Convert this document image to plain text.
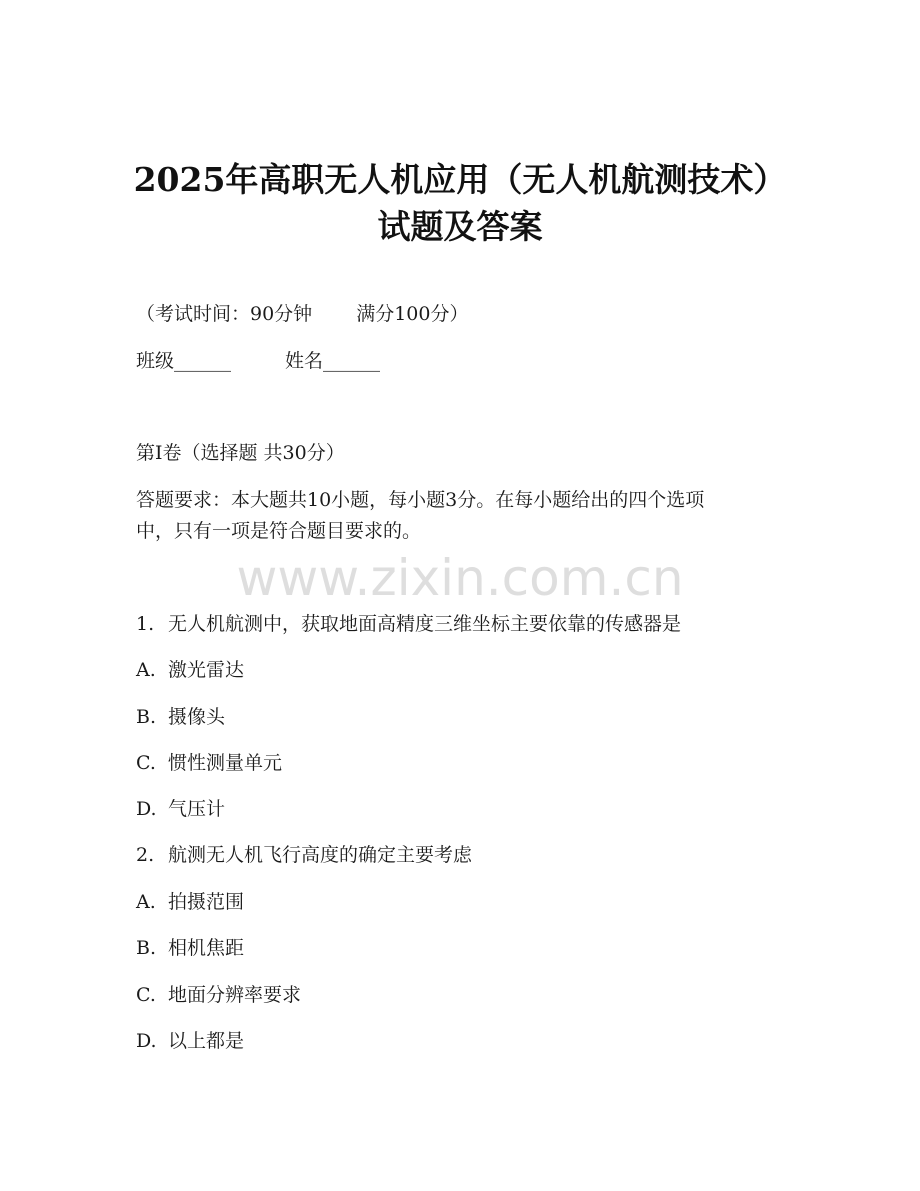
2025年高职无人机应用（无人机航测技术）
试题及答案
（考试时间：90分钟 满分100分）
班级______	姓名______
第Ⅰ卷（选择题 共30分）
答题要求：本大题共10小题，每小题3分。在每小题给出的四个选项
中，只有一项是符合题目要求的。
www.zixin.com.cn
1. 无人机航测中，获取地面高精度三维坐标主要依靠的传感器是
A. 激光雷达
B. 摄像头
C. 惯性测量单元
D. 气压计
2. 航测无人机飞行高度的确定主要考虑
A. 拍摄范围
B. 相机焦距
C. 地面分辨率要求
D. 以上都是
